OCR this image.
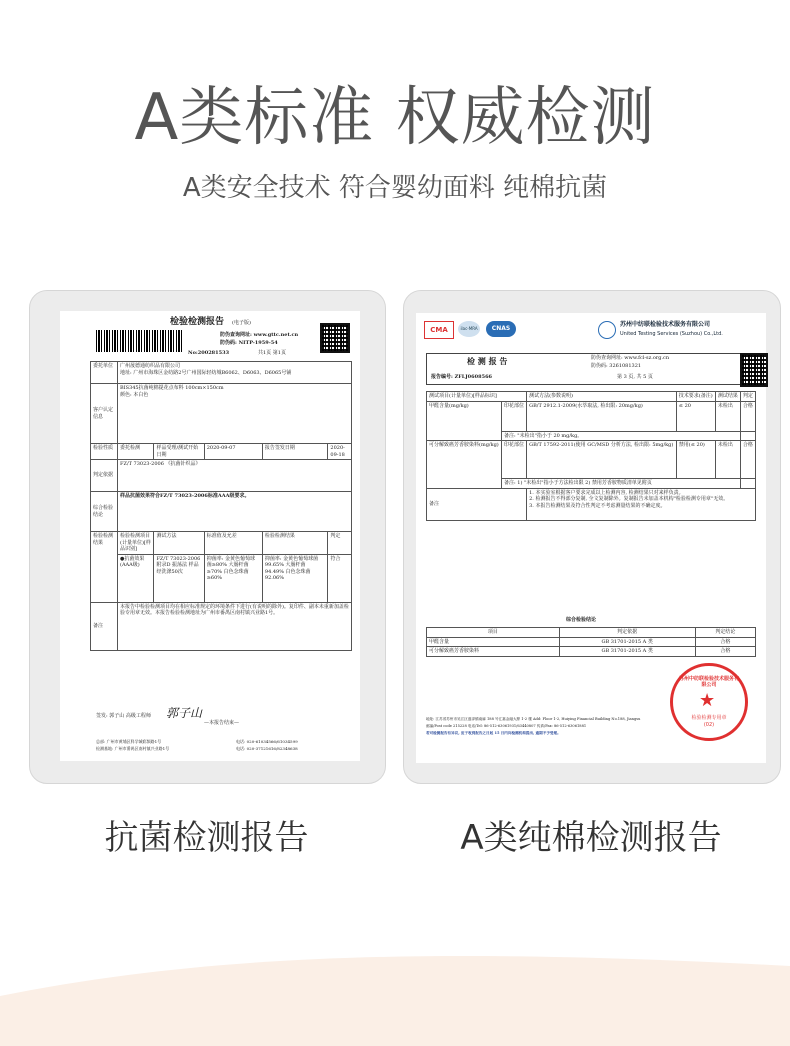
A类标准 权威检测
A类安全技术 符合婴幼面料 纯棉抗菌
检验检测报告 (电子版)
防伪查询网址: www.gttc.net.cn
防伪码: NITP-1959-54
No:200281533	共1页 第1页
委托单位	广州晟德通纺织品有限公司
地址: 广州市海珠区金纺路2号广州国际轻纺城B6062、D6063、D6065号铺				
客户认定信息	BIS345抗菌纯棉提花点布料 100cm×150cm
颜色: 本白色				
检验性质	委托检测	样品受理/测试开始日期	2020-09-07	报告签发日期	2020-09-18
判定依据	FZ/T 73023-2006 《抗菌针织品》				
综合检验结论	样品抗菌效果符合FZ/T 73023-2006标准AAA级要求。				
检验检测结果	检验检测项目(计量单位)[样品识别]	测试方法	标准值及允差	检验检测结果	判定
	●抗菌效果(AAA级)	FZ/T 73023-2006 附录D 振荡法 样品经洗涤50次	抑菌率: 金黄色葡萄球菌≥80% 大肠杆菌≥70% 白色念珠菌≥60%	抑菌率: 金黄色葡萄球菌 99.65% 大肠杆菌 94.49% 白色念珠菌 92.06%	符合
备注	本报告中检验检测项目均在相应标准规定的环境条件下进行(有说明的除外)。复印件、副本未重新加盖检验专用章无效。本报告检验检测地址为广州市番禺区南村镇兴业路1号。				
签发: 郭子山 高级工程师 郭子山
—本报告结束—
总部: 广州市黄埔区科学城彩频路1号	电话: 020-61034566/61034599
检测基地: 广州市番禺区南村镇兴业路1号	电话: 020-37121616/82348638
CMA	ilac-MRA	CNAS
苏州中纺联检验技术服务有限公司
United Testing Services (Suzhou) Co.,Ltd.
检 测 报 告	防伪查询网址: www.fcl-sz.org.cn
防伪码: 3261081321
报告编号: ZFLJ0608566	第 3 页, 共 5 页
测试项目(计量单位)[样品标识]		测试方法(参数说明)	技术要求(备注)	测试结果	判定
甲醛含量(mg/kg)	印花部位	GB/T 2912.1-2009(水萃取法, 检出限: 20mg/kg)	≤ 20	未检出	合格
	备注: "未检出"指小于 20 mg/kg。				
可分解致癌芳香胺染料(mg/kg)	印花部位	GB/T 17592-2011(使用 GC/MSD 分析方法, 检出限: 5mg/kg)	禁用(≤ 20)	未检出	合格
	备注: 1) "未检出"指小于方法检出限 2) 禁用芳香胺物质清单见附页				
备注		1. 本实验室根据客户要求完成以上检测内容, 检测结果只对来样负责。
2. 检测报告不得部分复制, 全文复制除外。复制报告未加盖本机构"检验检测专用章"无效。
3. 本报告检测结果及符合性判定不考虑测量结果的不确定度。			
综合检验结论
项目	判定依据	判定结论
甲醛含量	GB 31701-2015 A 类	合格
可分解致癌芳香胺染料	GB 31701-2015 A 类	合格
地址: 江苏省苏州市吴江区盛泽镇南麻 188 号汇嘉金融大厦 1-2 楼 Add: Floor 1-2, Huiying Financial Building No.188, Jiangsu
邮编/Post code 215228 电话/Tel: 86-512-63061931/63440807 传真/Fax: 86-512-63061881
若对检测报告有异议, 应于收到报告之日起 15 日内向检测机构提出, 逾期不予受理。
苏州中纺联检验技术服务有限公司
★
检验检测专用章
(02)
抗菌检测报告	A类纯棉检测报告
